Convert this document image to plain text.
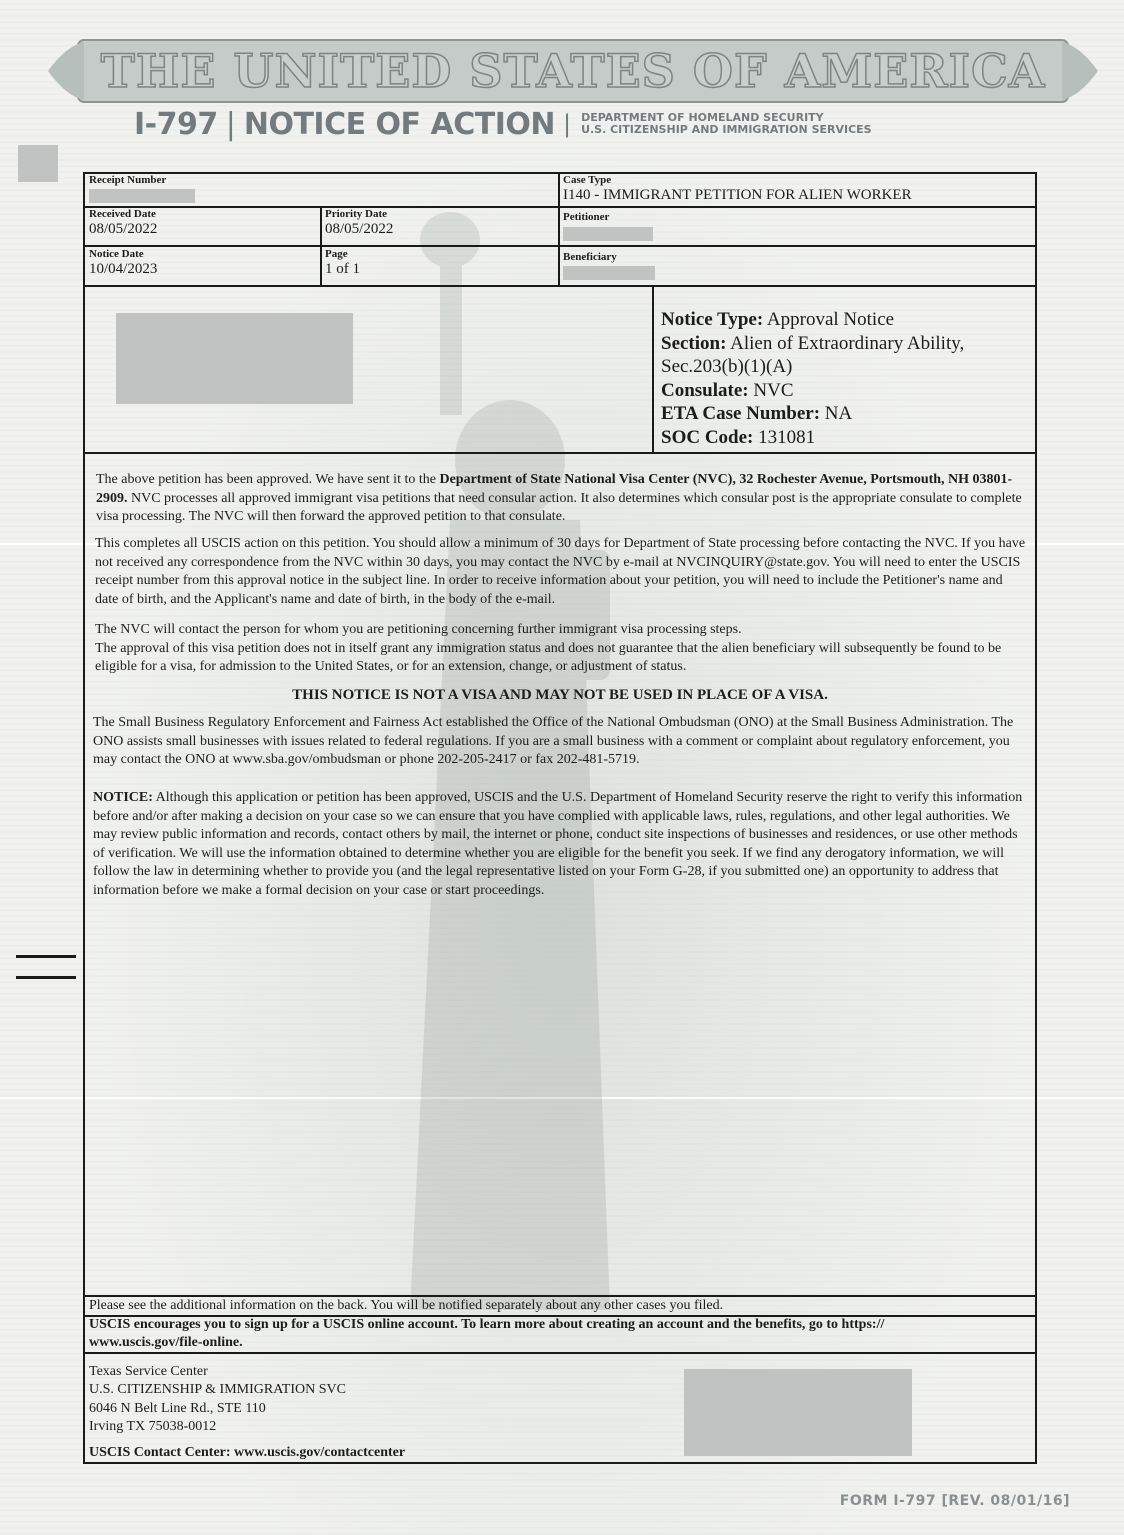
THE UNITED STATES OF AMERICA
I-797 | NOTICE OF ACTION | DEPARTMENT OF HOMELAND SECURITY
U.S. CITIZENSHIP AND IMMIGRATION SERVICES
Receipt Number	Case Type
I140 - IMMIGRANT PETITION FOR ALIEN WORKER
Received Date
08/05/2022
Priority Date
08/05/2022
Petitioner
Notice Date
10/04/2023
Page
1 of 1
Beneficiary
Notice Type: Approval Notice
Section: Alien of Extraordinary Ability,
Sec.203(b)(1)(A)
Consulate: NVC
ETA Case Number: NA
SOC Code: 131081
The above petition has been approved. We have sent it to the Department of State National Visa Center (NVC), 32 Rochester Avenue, Portsmouth, NH 03801-2909. NVC processes all approved immigrant visa petitions that need consular action. It also determines which consular post is the appropriate consulate to complete visa processing. The NVC will then forward the approved petition to that consulate.
This completes all USCIS action on this petition. You should allow a minimum of 30 days for Department of State processing before contacting the NVC. If you have not received any correspondence from the NVC within 30 days, you may contact the NVC by e-mail at NVCINQUIRY@state.gov. You will need to enter the USCIS receipt number from this approval notice in the subject line. In order to receive information about your petition, you will need to include the Petitioner's name and date of birth, and the Applicant's name and date of birth, in the body of the e-mail.
The NVC will contact the person for whom you are petitioning concerning further immigrant visa processing steps.
The approval of this visa petition does not in itself grant any immigration status and does not guarantee that the alien beneficiary will subsequently be found to be eligible for a visa, for admission to the United States, or for an extension, change, or adjustment of status.
THIS NOTICE IS NOT A VISA AND MAY NOT BE USED IN PLACE OF A VISA.
The Small Business Regulatory Enforcement and Fairness Act established the Office of the National Ombudsman (ONO) at the Small Business Administration. The ONO assists small businesses with issues related to federal regulations. If you are a small business with a comment or complaint about regulatory enforcement, you may contact the ONO at www.sba.gov/ombudsman or phone 202-205-2417 or fax 202-481-5719.
NOTICE: Although this application or petition has been approved, USCIS and the U.S. Department of Homeland Security reserve the right to verify this information before and/or after making a decision on your case so we can ensure that you have complied with applicable laws, rules, regulations, and other legal authorities. We may review public information and records, contact others by mail, the internet or phone, conduct site inspections of businesses and residences, or use other methods of verification. We will use the information obtained to determine whether you are eligible for the benefit you seek. If we find any derogatory information, we will follow the law in determining whether to provide you (and the legal representative listed on your Form G-28, if you submitted one) an opportunity to address that information before we make a formal decision on your case or start proceedings.
Please see the additional information on the back. You will be notified separately about any other cases you filed.
USCIS encourages you to sign up for a USCIS online account. To learn more about creating an account and the benefits, go to https:// www.uscis.gov/file-online.
Texas Service Center
U.S. CITIZENSHIP & IMMIGRATION SVC
6046 N Belt Line Rd., STE 110
Irving TX 75038-0012
USCIS Contact Center: www.uscis.gov/contactcenter
FORM I-797 [REV. 08/01/16]
